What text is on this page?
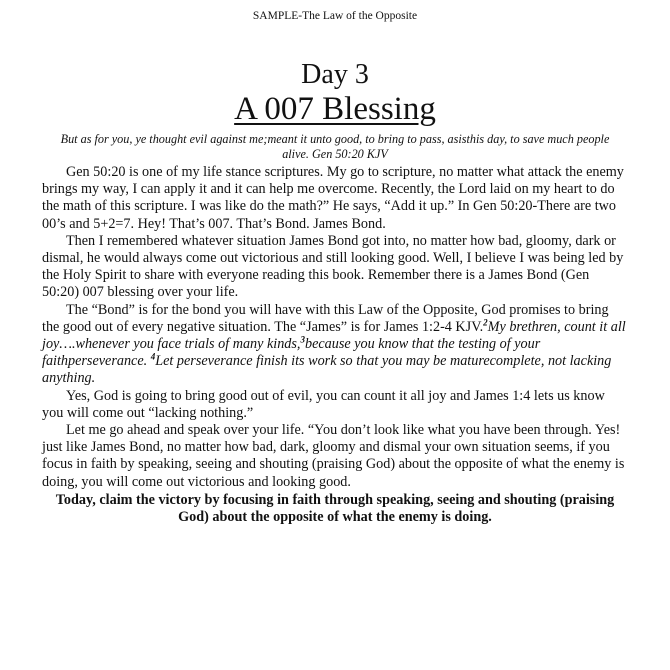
SAMPLE-The Law of the Opposite

Day 3

A 007 Blessing

But as for you, ye thought evil against me;meant it unto good, to bring to pass, asisthis day, to save much people alive. Gen 50:20 KJV

Gen 50:20 is one of my life stance scriptures. My go to scripture, no matter what attack the enemy brings my way, I can apply it and it can help me overcome. Recently, the Lord laid on my heart to do the math of this scripture. I was like do the math?” He says, “Add it up.” In Gen 50:20-There are two 00’s and 5+2=7. Hey! That’s 007. That’s Bond. James Bond.

Then I remembered whatever situation James Bond got into, no matter how bad, gloomy, dark or dismal, he would always come out victorious and still looking good. Well, I believe I was being led by the Holy Spirit to share with everyone reading this book. Remember there is a James Bond (Gen 50:20) 007 blessing over your life.

The “Bond” is for the bond you will have with this Law of the Opposite, God promises to bring the good out of every negative situation. The “James” is for James 1:2-4 KJV.$^2$My brethren, count it all joy….whenever you face trials of many kinds,$^3$because you know that the testing of your faithperseverance. $^4$Let perseverance finish its work so that you may be maturecomplete, not lacking anything.

Yes, God is going to bring good out of evil, you can count it all joy and James 1:4 lets us know you will come out “lacking nothing.”

Let me go ahead and speak over your life. “You don’t look like what you have been through. Yes! just like James Bond, no matter how bad, dark, gloomy and dismal your own situation seems, if you focus in faith by speaking, seeing and shouting (praising God) about the opposite of what the enemy is doing, you will come out victorious and looking good.

Today, claim the victory by focusing in faith through speaking, seeing and shouting (praising God) about the opposite of what the enemy is doing.
